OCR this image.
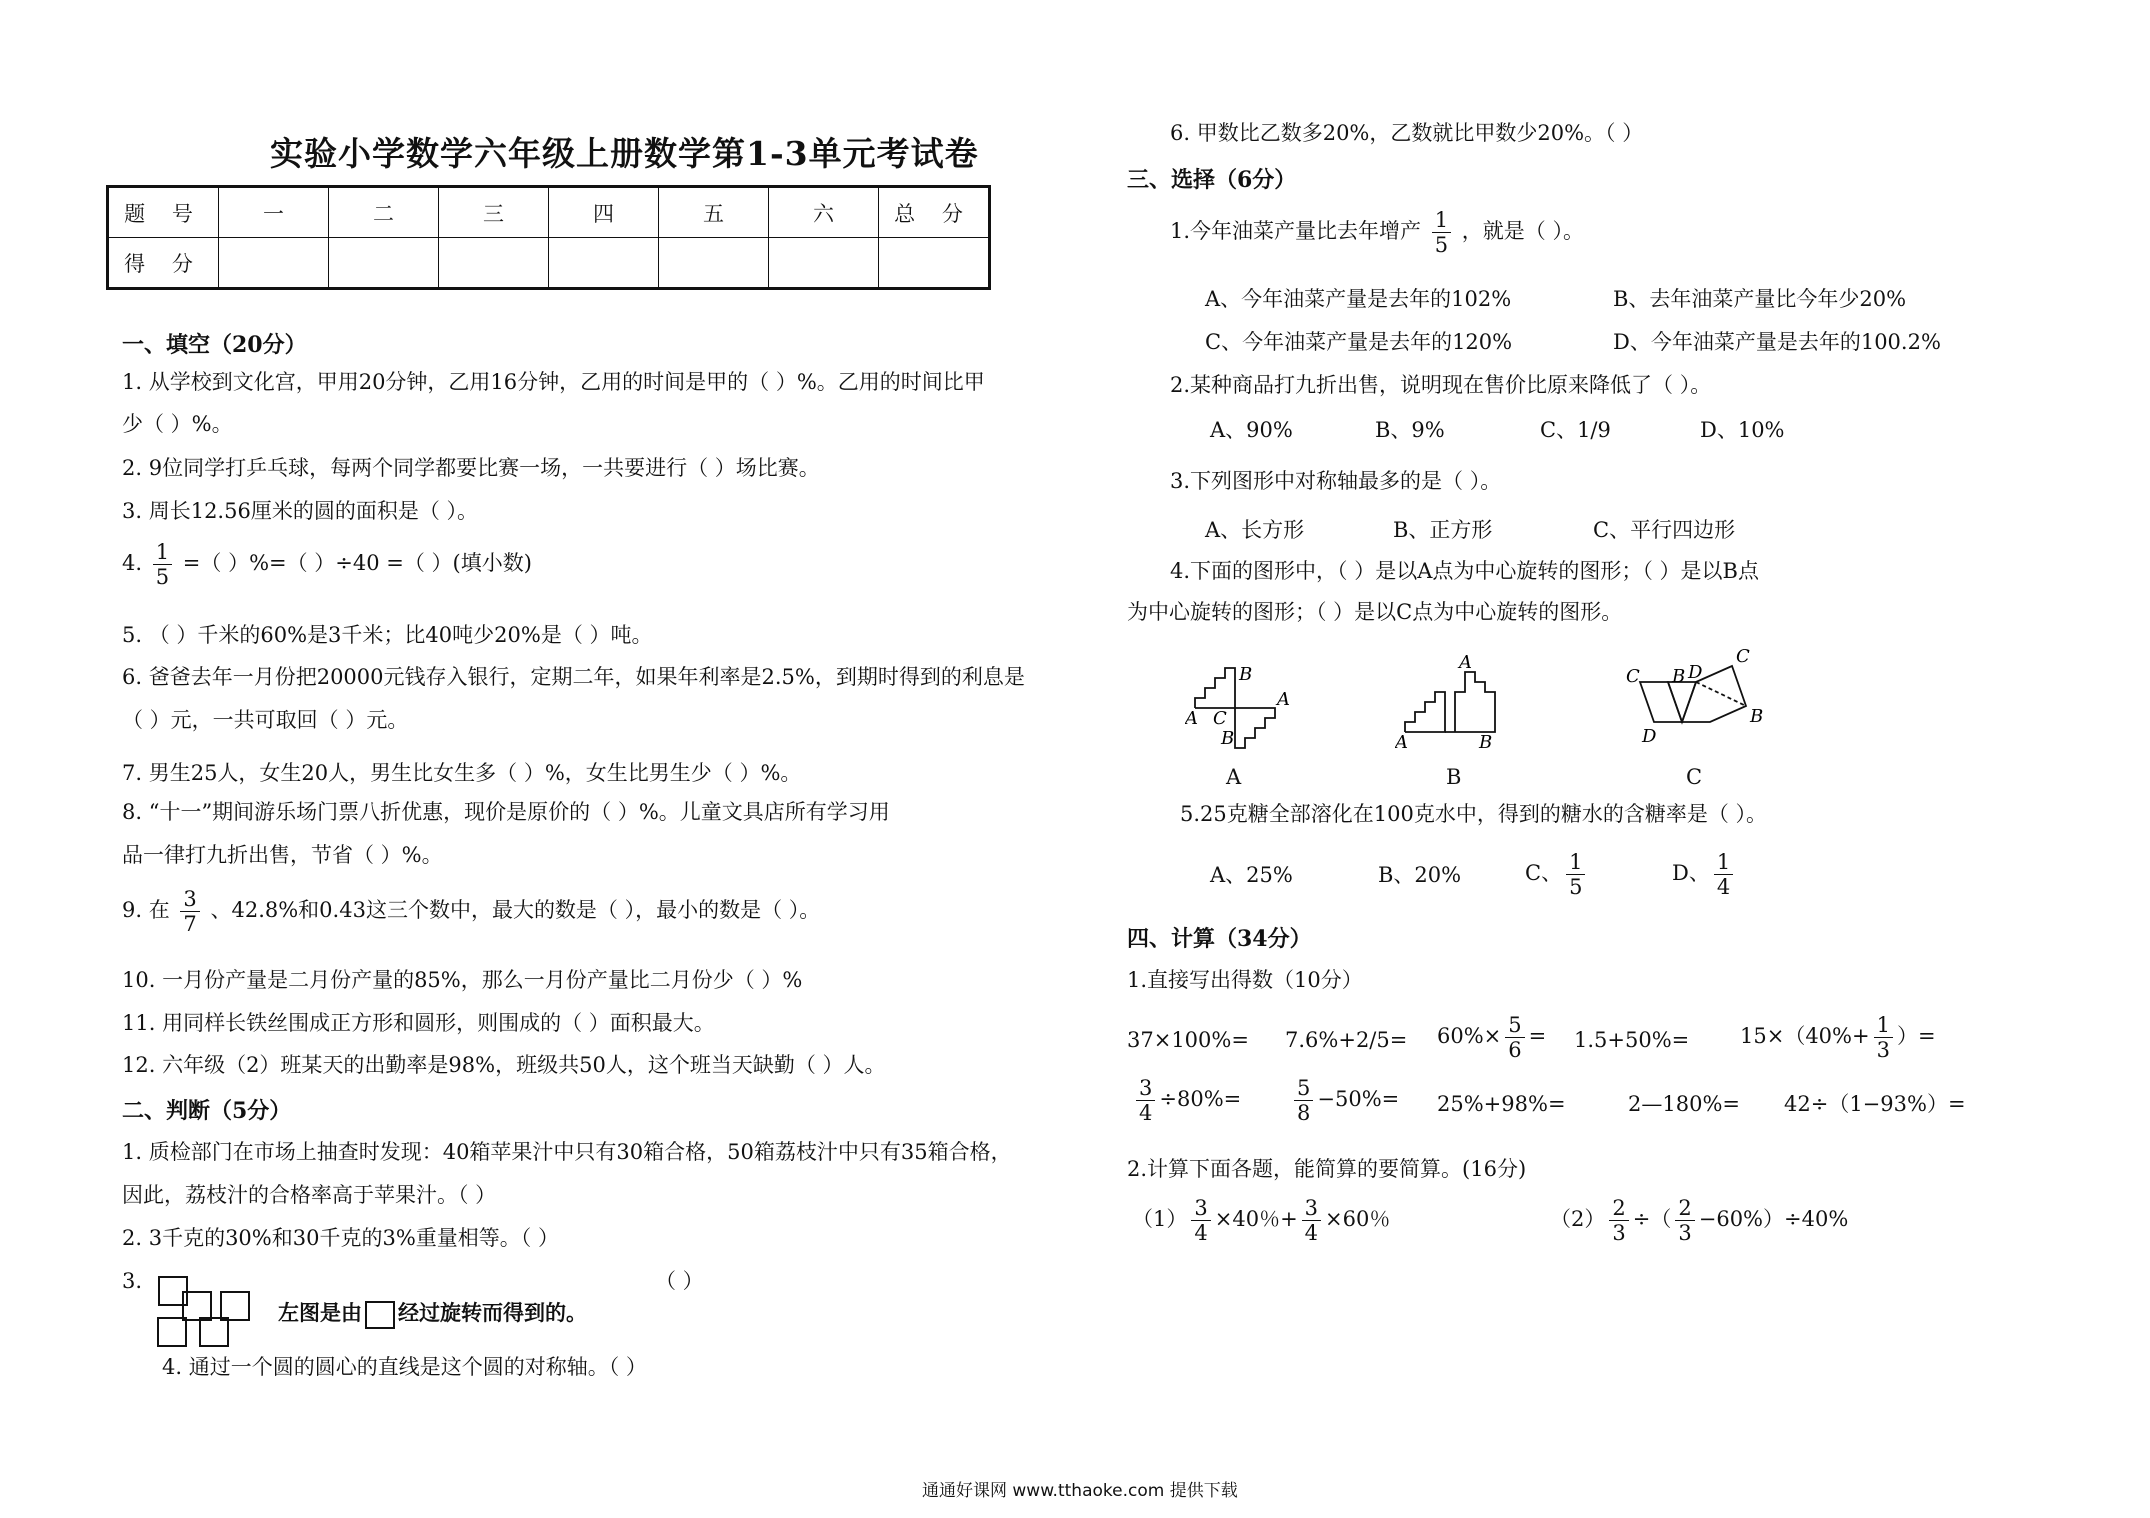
实验小学数学六年级上册数学第1-3单元考试卷
题 号	一	二	三	四	五	六	总 分
得 分							
一、填空（20分）
1. 从学校到文化宫，甲用20分钟，乙用16分钟，乙用的时间是甲的（ ）%。乙用的时间比甲
少（ ）%。
2. 9位同学打乒乓球，每两个同学都要比赛一场，一共要进行（ ）场比赛。
3. 周长12.56厘米的圆的面积是（ ）。
4. $\frac{1}{5}$ =（ ）%=（ ）÷40 =（ ）(填小数)
5. （ ）千米的60%是3千米；比40吨少20%是（ ）吨。
6. 爸爸去年一月份把20000元钱存入银行，定期二年，如果年利率是2.5%，到期时得到的利息是
（ ）元，一共可取回（ ）元。
7. 男生25人，女生20人，男生比女生多（ ）%，女生比男生少（ ）%。
8. “十一”期间游乐场门票八折优惠，现价是原价的（ ）%。儿童文具店所有学习用
品一律打九折出售，节省（ ）%。
9. 在 $\frac{3}{7}$ 、42.8%和0.43这三个数中，最大的数是（ ），最小的数是（ ）。
10. 一月份产量是二月份产量的85%，那么一月份产量比二月份少（ ）%
11. 用同样长铁丝围成正方形和圆形，则围成的（ ）面积最大。
12. 六年级（2）班某天的出勤率是98%，班级共50人，这个班当天缺勤（ ）人。
二、判断（5分）
1. 质检部门在市场上抽查时发现：40箱苹果汁中只有30箱合格，50箱荔枝汁中只有35箱合格，
因此，荔枝汁的合格率高于苹果汁。（ ）
2. 3千克的30%和30千克的3%重量相等。（ ）
3.	（ ）
左图是由 经过旋转而得到的。
4. 通过一个圆的圆心的直线是这个圆的对称轴。（ ）
6. 甲数比乙数多20%，乙数就比甲数少20%。（ ）
三、选择（6分）
1.今年油菜产量比去年增产 $\frac{1}{5}$ ，就是（ ）。
A、今年油菜产量是去年的102%	B、去年油菜产量比今年少20%
C、今年油菜产量是去年的120%	D、今年油菜产量是去年的100.2%
2.某种商品打九折出售，说明现在售价比原来降低了（ ）。
A、90%	B、9%	C、1/9	D、10%
3.下列图形中对称轴最多的是（ ）。
A、长方形	B、正方形	C、平行四边形
4.下面的图形中，（ ）是以A点为中心旋转的图形；（ ）是以B点
为中心旋转的图形；（ ）是以C点为中心旋转的图形。
B
A
A C
B
A
A	B
C B D
C
B
D
A	B	C
5.25克糖全部溶化在100克水中，得到的糖水的含糖率是（ ）。
A、25%	B、20%	C、 $\frac{1}{5}$	D、 $\frac{1}{4}$
四、计算（34分）
1.直接写出得数（10分）
$37\times 100\%= 7.6\%+2/5= 60\%\times \frac{5}{6} = 1.5+50\%= 15\times(40\%+ \frac{1}{3}$ ）=
$\frac{3}{4} \div 80\%=$	$\frac{5}{8} -50\%= 25\%+98\%=$	2—180%= 42÷（1−93%）=
2.计算下面各题，能简算的要简算。(16分)
$(1) \frac{3}{4} \times 40$％+ $\frac{3}{4} \times 60$％	$(2) \frac{2}{3}$ ÷（ $\frac{2}{3} -60\%)\div 40\%$
通通好课网 www.tthaoke.com 提供下载
